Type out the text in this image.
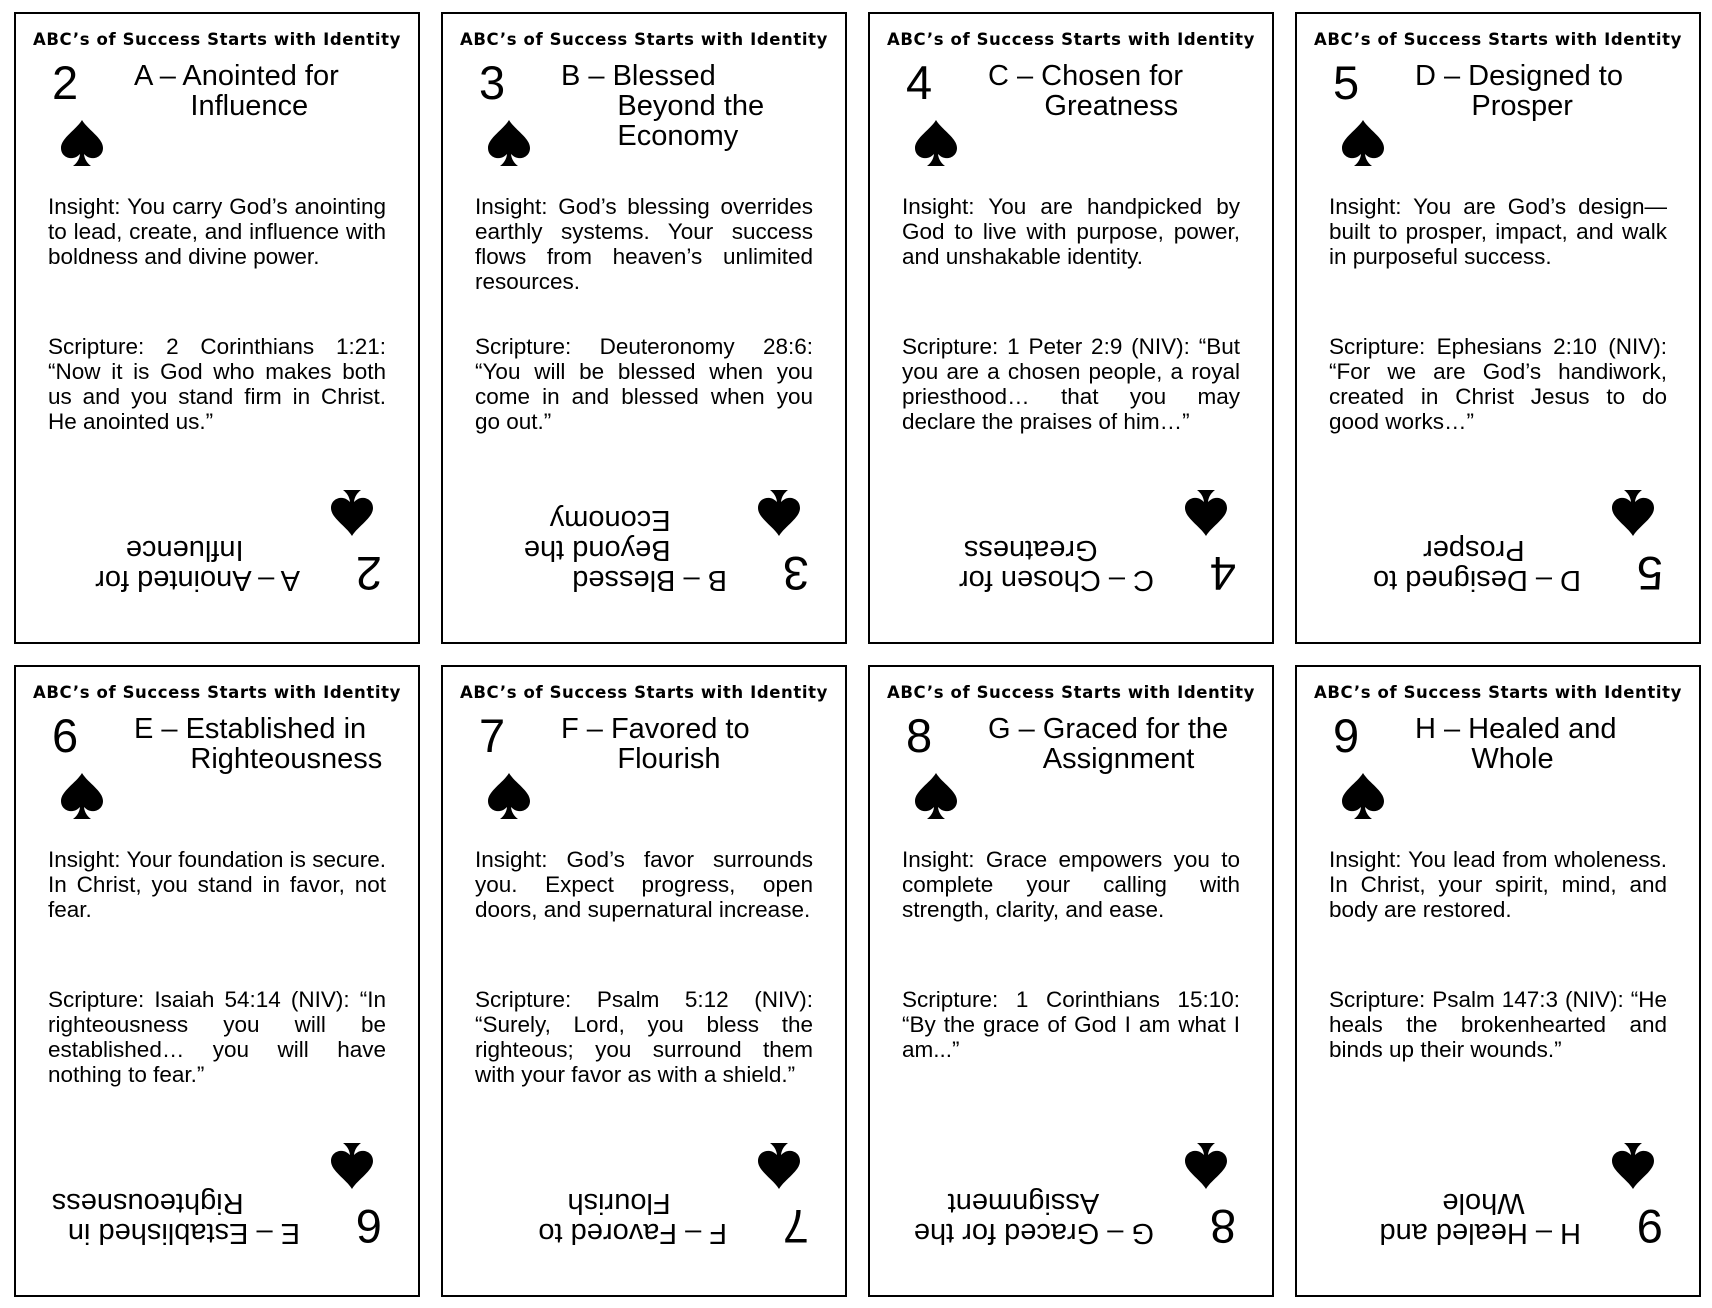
ABC’s of Success Starts with Identity
2 A – Anointed for
Influence
Insight: You carry God’s anointing to lead, create, and influence with boldness and divine power.
Scripture: 2 Corinthians 1:21: “Now it is God who makes both us and you stand firm in Christ. He anointed us.”
2
A – Anointed for
Influence
ABC’s of Success Starts with Identity
3 B – Blessed
Beyond the
Economy
Insight: God’s blessing overrides earthly systems. Your success flows from heaven’s unlimited resources.
Scripture: Deuteronomy 28:6: “You will be blessed when you come in and blessed when you go out.”
3
B – Blessed
Beyond the
Economy
ABC’s of Success Starts with Identity
4 C – Chosen for
Greatness
Insight: You are handpicked by God to live with purpose, power, and unshakable identity.
Scripture: 1 Peter 2:9 (NIV): “But you are a chosen people, a royal priesthood… that you may declare the praises of him…”
4
C – Chosen for
Greatness
ABC’s of Success Starts with Identity
5 D – Designed to
Prosper
Insight: You are God’s design—built to prosper, impact, and walk in purposeful success.
Scripture: Ephesians 2:10 (NIV): “For we are God’s handiwork, created in Christ Jesus to do good works…”
5
D – Designed to
Prosper
ABC’s of Success Starts with Identity
6 E – Established in
Righteousness
Insight: Your foundation is secure. In Christ, you stand in favor, not fear.
Scripture: Isaiah 54:14 (NIV): “In righteousness you will be established… you will have nothing to fear.”
6
E – Established in
Righteousness
ABC’s of Success Starts with Identity
7 F – Favored to
Flourish
Insight: God’s favor surrounds you. Expect progress, open doors, and supernatural increase.
Scripture: Psalm 5:12 (NIV): “Surely, Lord, you bless the righteous; you surround them with your favor as with a shield.”
7
F – Favored to
Flourish
ABC’s of Success Starts with Identity
8 G – Graced for the
Assignment
Insight: Grace empowers you to complete your calling with strength, clarity, and ease.
Scripture: 1 Corinthians 15:10: “By the grace of God I am what I am...”
8
G – Graced for the
Assignment
ABC’s of Success Starts with Identity
9 H – Healed and
Whole
Insight: You lead from wholeness. In Christ, your spirit, mind, and body are restored.
Scripture: Psalm 147:3 (NIV): “He heals the brokenhearted and binds up their wounds.”
9
H – Healed and
Whole
